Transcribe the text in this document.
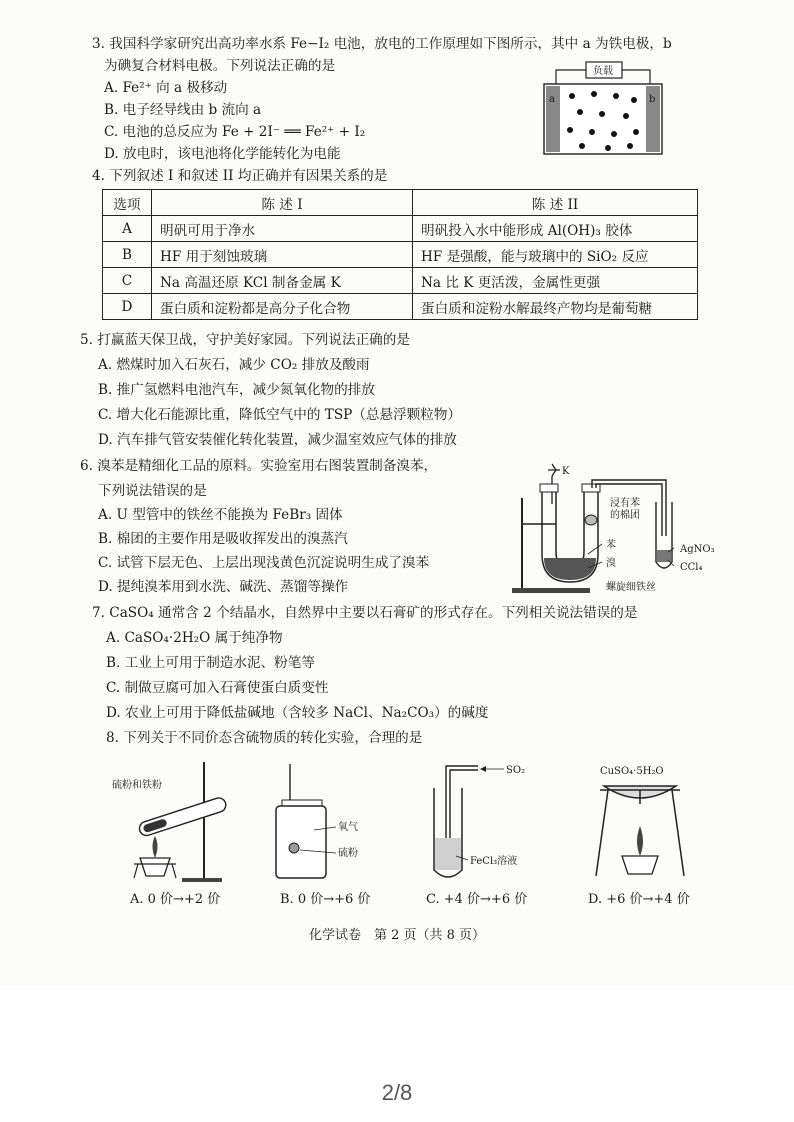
3. 我国科学家研究出高功率水系 Fe−I₂ 电池，放电的工作原理如下图所示，其中 a 为铁电极，b
为碘复合材料电极。下列说法正确的是
A. Fe²⁺ 向 a 极移动
B. 电子经导线由 b 流向 a
C. 电池的总反应为 Fe + 2I⁻ ══ Fe²⁺ + I₂
D. 放电时，该电池将化学能转化为电能
负载
a	b
4. 下列叙述 I 和叙述 II 均正确并有因果关系的是
选项	陈 述 I	陈 述 II
A	明矾可用于净水	明矾投入水中能形成 Al(OH)₃ 胶体
B	HF 用于刻蚀玻璃	HF 是强酸，能与玻璃中的 SiO₂ 反应
C	Na 高温还原 KCl 制备金属 K	Na 比 K 更活泼，金属性更强
D	蛋白质和淀粉都是高分子化合物	蛋白质和淀粉水解最终产物均是葡萄糖
5. 打赢蓝天保卫战，守护美好家园。下列说法正确的是
A. 燃煤时加入石灰石，减少 CO₂ 排放及酸雨
B. 推广氢燃料电池汽车，减少氮氧化物的排放
C. 增大化石能源比重，降低空气中的 TSP（总悬浮颗粒物）
D. 汽车排气管安装催化转化装置，减少温室效应气体的排放
6. 溴苯是精细化工品的原料。实验室用右图装置制备溴苯，
下列说法错误的是
A. U 型管中的铁丝不能换为 FeBr₃ 固体
B. 棉团的主要作用是吸收挥发出的溴蒸汽
C. 试管下层无色、上层出现浅黄色沉淀说明生成了溴苯
D. 提纯溴苯用到水洗、碱洗、蒸馏等操作
K
浸有苯
的棉团
苯
溴
AgNO₃
CCl₄
螺旋细铁丝
7. CaSO₄ 通常含 2 个结晶水，自然界中主要以石膏矿的形式存在。下列相关说法错误的是
A. CaSO₄·2H₂O 属于纯净物
B. 工业上可用于制造水泥、粉笔等
C. 制做豆腐可加入石膏使蛋白质变性
D. 农业上可用于降低盐碱地（含较多 NaCl、Na₂CO₃）的碱度
8. 下列关于不同价态含硫物质的转化实验，合理的是
硫粉和铁粉
A. 0 价→+2 价
氧气
硫粉
B. 0 价→+6 价
SO₂
FeCl₃溶液
C. +4 价→+6 价
CuSO₄·5H₂O
D. +6 价→+4 价
化学试卷　第 2 页（共 8 页）
2/8
